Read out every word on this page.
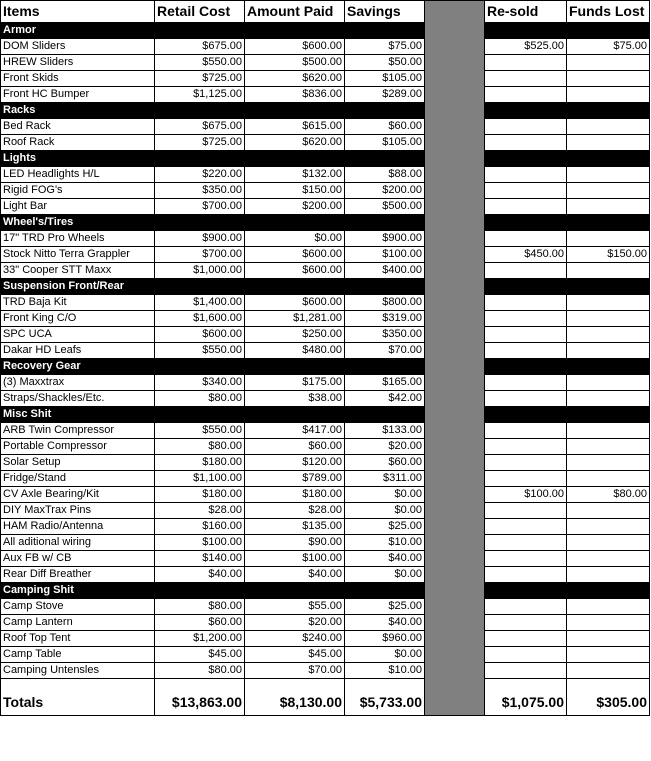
Items	Retail Cost	Amount Paid	Savings		Re-sold	Funds Lost
Armor						
DOM Sliders	$675.00	$600.00	$75.00		$525.00	$75.00
HREW Sliders	$550.00	$500.00	$50.00			
Front Skids	$725.00	$620.00	$105.00			
Front HC Bumper	$1,125.00	$836.00	$289.00			
Racks						
Bed Rack	$675.00	$615.00	$60.00			
Roof Rack	$725.00	$620.00	$105.00			
Lights						
LED Headlights H/L	$220.00	$132.00	$88.00			
Rigid FOG's	$350.00	$150.00	$200.00			
Light Bar	$700.00	$200.00	$500.00			
Wheel's/Tires						
17" TRD Pro Wheels	$900.00	$0.00	$900.00			
Stock Nitto Terra Grappler	$700.00	$600.00	$100.00		$450.00	$150.00
33" Cooper STT Maxx	$1,000.00	$600.00	$400.00			
Suspension Front/Rear						
TRD Baja Kit	$1,400.00	$600.00	$800.00			
Front King C/O	$1,600.00	$1,281.00	$319.00			
SPC UCA	$600.00	$250.00	$350.00			
Dakar HD Leafs	$550.00	$480.00	$70.00			
Recovery Gear						
(3) Maxxtrax	$340.00	$175.00	$165.00			
Straps/Shackles/Etc.	$80.00	$38.00	$42.00			
Misc Shit						
ARB Twin Compressor	$550.00	$417.00	$133.00			
Portable Compressor	$80.00	$60.00	$20.00			
Solar Setup	$180.00	$120.00	$60.00			
Fridge/Stand	$1,100.00	$789.00	$311.00			
CV Axle Bearing/Kit	$180.00	$180.00	$0.00		$100.00	$80.00
DIY MaxTrax Pins	$28.00	$28.00	$0.00			
HAM Radio/Antenna	$160.00	$135.00	$25.00			
All aditional wiring	$100.00	$90.00	$10.00			
Aux FB w/ CB	$140.00	$100.00	$40.00			
Rear Diff Breather	$40.00	$40.00	$0.00			
Camping Shit						
Camp Stove	$80.00	$55.00	$25.00			
Camp Lantern	$60.00	$20.00	$40.00			
Roof Top Tent	$1,200.00	$240.00	$960.00			
Camp Table	$45.00	$45.00	$0.00			
Camping Untensles	$80.00	$70.00	$10.00			
Totals	$13,863.00	$8,130.00	$5,733.00		$1,075.00	$305.00
